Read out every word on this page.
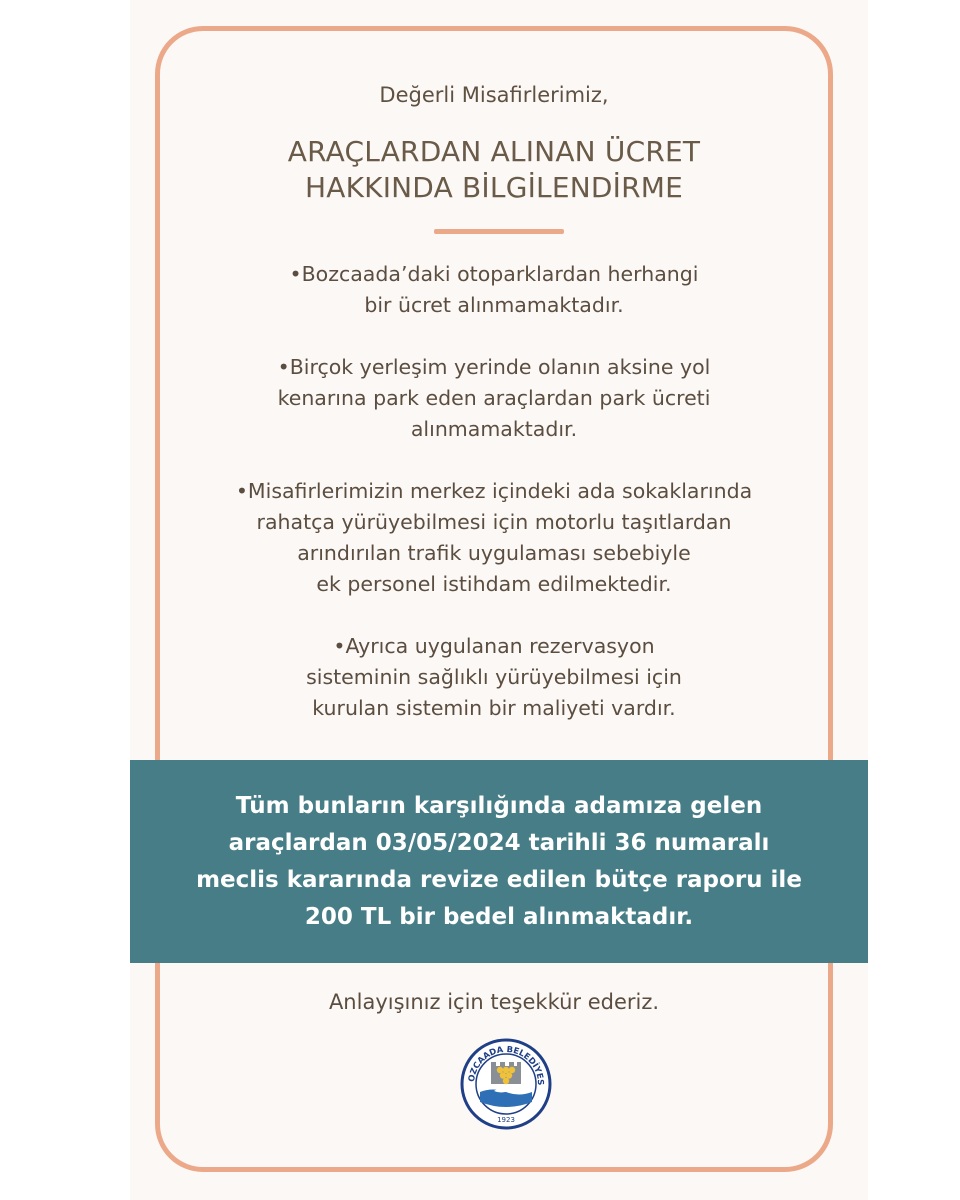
Değerli Misafirlerimiz,
ARAÇLARDAN ALINAN ÜCRET
HAKKINDA BİLGİLENDİRME

•Bozcaada’daki otoparklardan herhangi
bir ücret alınmamaktadır.

•Birçok yerleşim yerinde olanın aksine yol
kenarına park eden araçlardan park ücreti
alınmamaktadır.

•Misafirlerimizin merkez içindeki ada sokaklarında
rahatça yürüyebilmesi için motorlu taşıtlardan
arındırılan trafik uygulaması sebebiyle
ek personel istihdam edilmektedir.

•Ayrıca uygulanan rezervasyon
sisteminin sağlıklı yürüyebilmesi için
kurulan sistemin bir maliyeti vardır.

Tüm bunların karşılığında adamıza gelen
araçlardan 03/05/2024 tarihli 36 numaralı
meclis kararında revize edilen bütçe raporu ile
200 TL bir bedel alınmaktadır.
Anlayışınız için teşekkür ederiz.
OZCAADA BELEDİYES
1923
